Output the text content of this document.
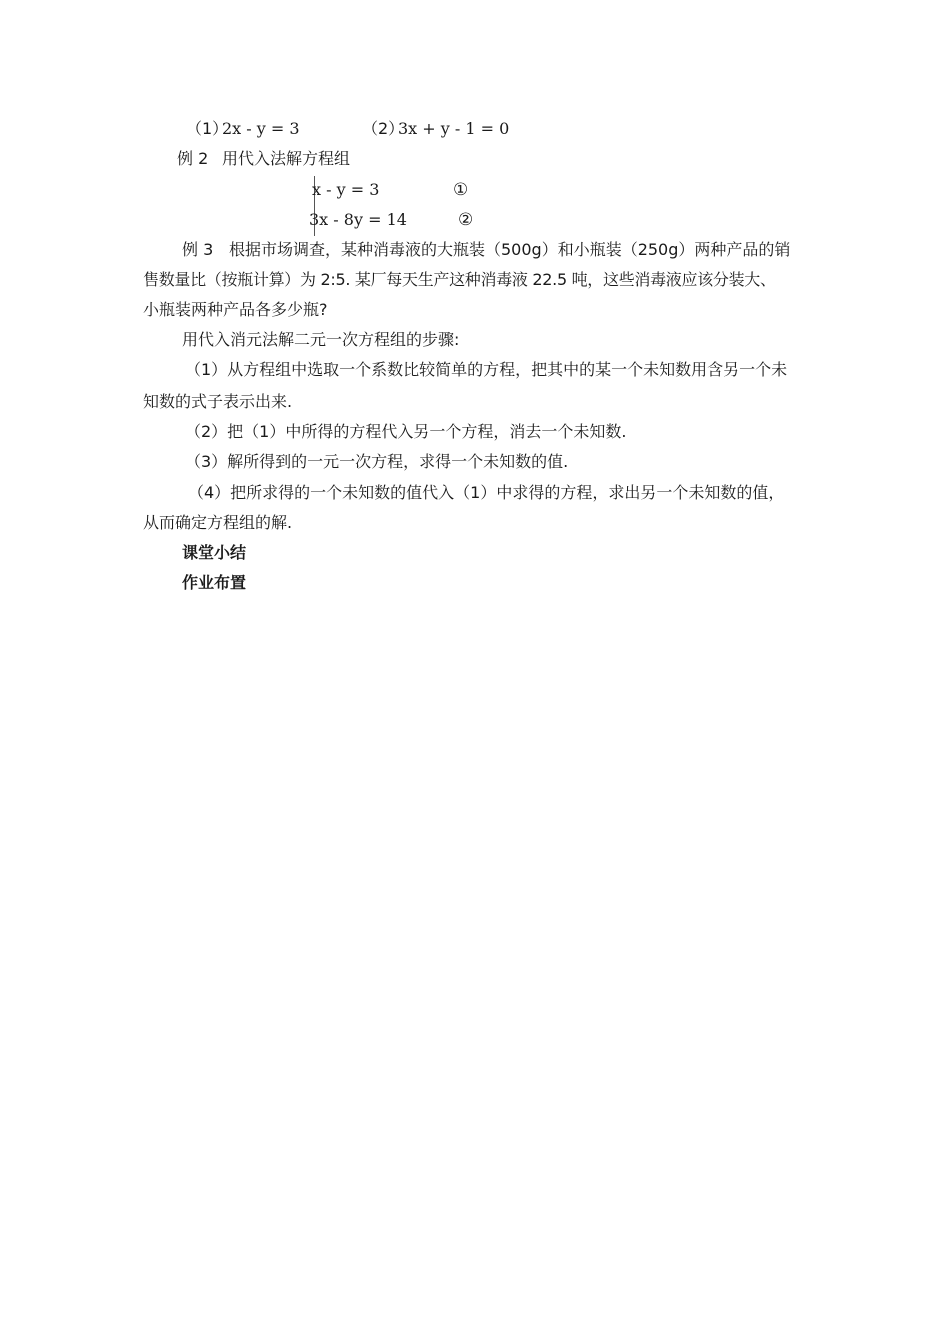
（1）
2x - y = 3	（2）
3x + y - 1 = 0
例 2 用代入法解方程组
x - y = 3	①
3x - 8y = 14	②
例 3 根据市场调查，某种消毒液的大瓶装（500g）和小瓶装（250g）两种产品的销
售数量比（按瓶计算）为 2:5. 某厂每天生产这种消毒液 22.5 吨，这些消毒液应该分装大、
小瓶装两种产品各多少瓶?
用代入消元法解二元一次方程组的步骤:
（1）从方程组中选取一个系数比较简单的方程，把其中的某一个未知数用含另一个未
知数的式子表示出来.
（2）把（1）中所得的方程代入另一个方程，消去一个未知数.
（3）解所得到的一元一次方程，求得一个未知数的值.
（4）把所求得的一个未知数的值代入（1）中求得的方程，求出另一个未知数的值，
从而确定方程组的解.
课堂小结
作业布置
